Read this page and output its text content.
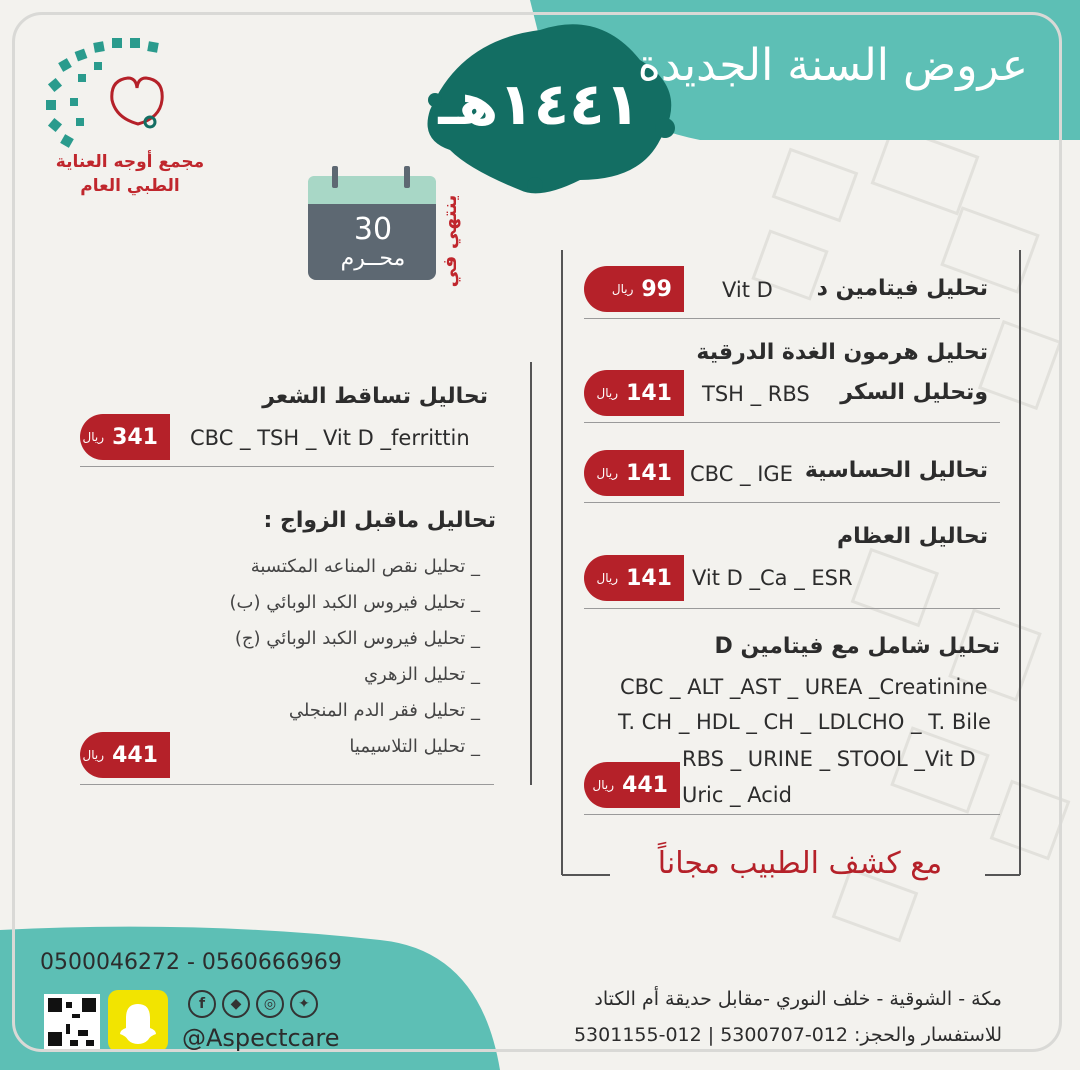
عروض السنة الجديدة
١٤٤١هـ
مجمع أوجه العناية
الطبي العام
30
محــرم	ينتهي في
تحليل فيتامين د
Vit D
ريال 99
تحليل هرمون الغدة الدرقية
وتحليل السكر
TSH _ RBS
ريال 141
تحاليل الحساسية
CBC _ IGE
ريال 141
تحاليل العظام
Vit D _Ca _ ESR
ريال 141
تحليل شامل مع فيتامين D
CBC _ ALT _AST _ UREA _Creatinine
T. CH _ HDL _ CH _ LDLCHO _ T. Bile
RBS _ URINE _ STOOL _Vit D
Uric _ Acid
ريال 441
مع كشف الطبيب مجاناً
تحاليل تساقط الشعر
CBC _ TSH _ Vit D _ferrittin
ريال 341
تحاليل ماقبل الزواج :
_ تحليل نقص المناعه المكتسبة
_ تحليل فيروس الكبد الوبائي (ب)
_ تحليل فيروس الكبد الوبائي (ج)
_ تحليل الزهري
_ تحليل فقر الدم المنجلي
_ تحليل التلاسيميا
ريال 441
0500046272 - 0560666969
f	◆	◎	✦
@Aspectcare
مكة - الشوقية - خلف النوري -مقابل حديقة أم الكتاد
للاستفسار والحجز: 012-5300707 | 012-5301155
